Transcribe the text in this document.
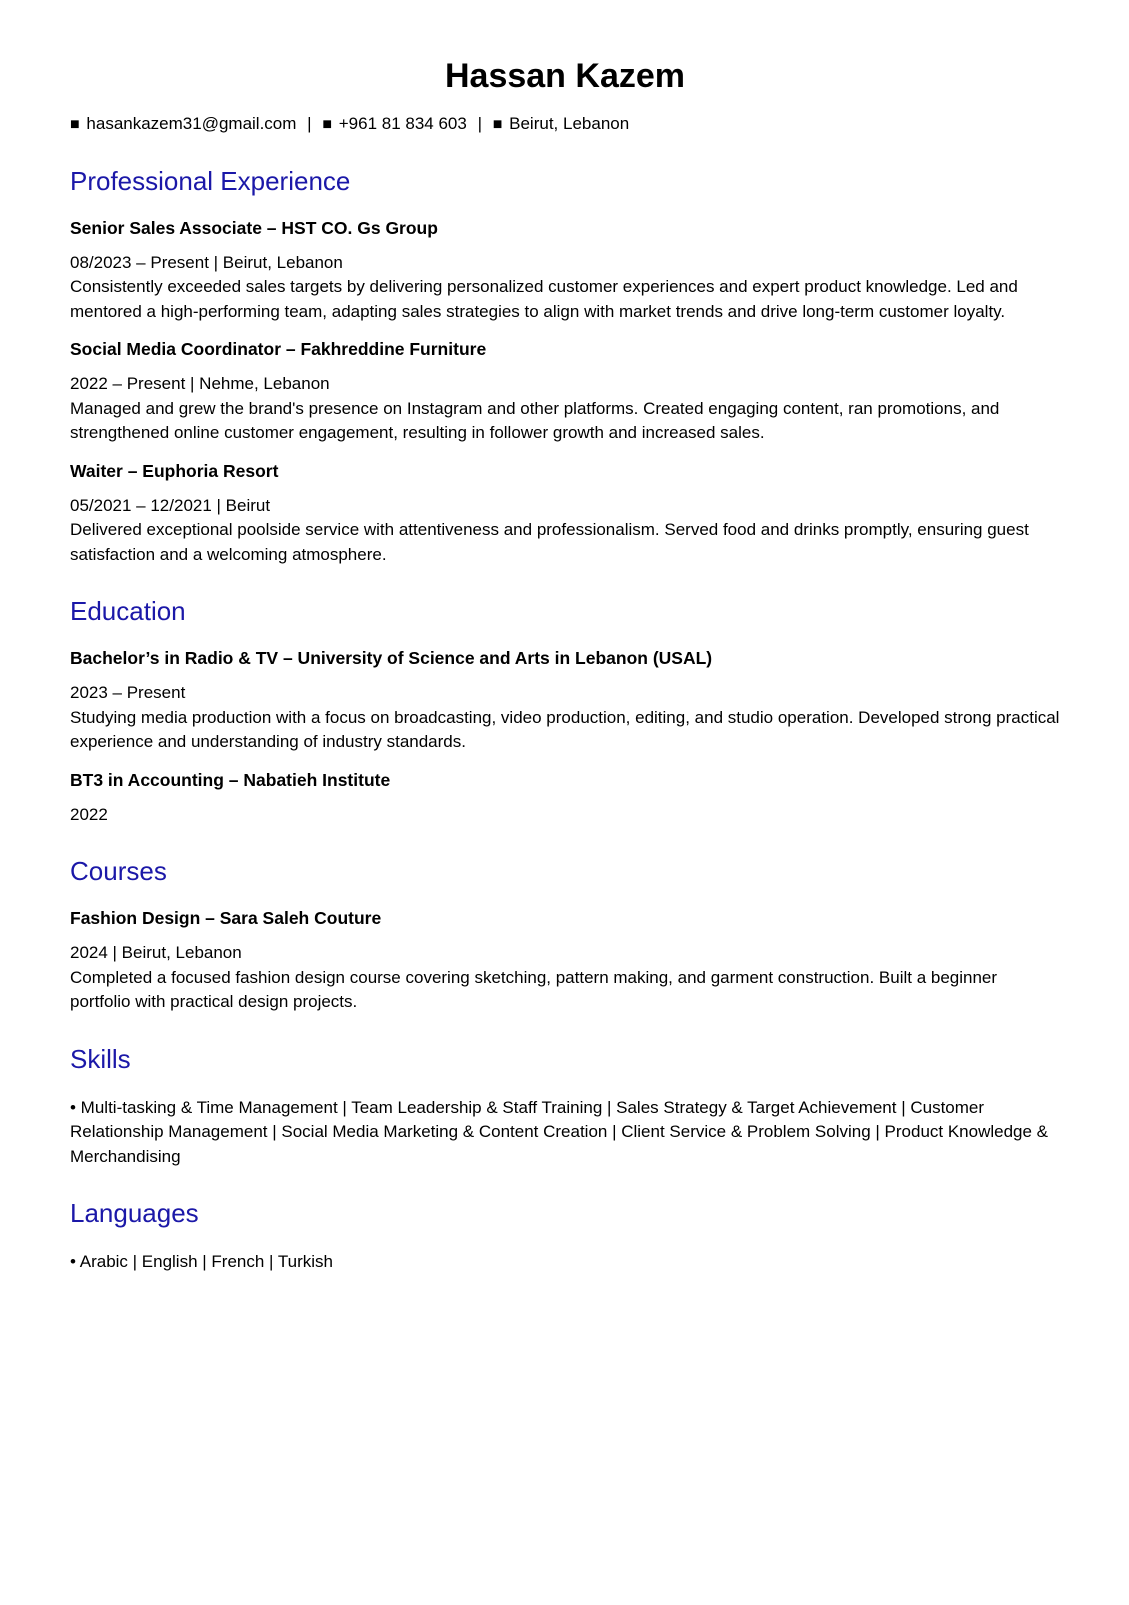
Hassan Kazem
■ hasankazem31@gmail.com | ■ +961 81 834 603 | ■ Beirut, Lebanon
Professional Experience
Senior Sales Associate – HST CO. Gs Group

08/2023 – Present | Beirut, Lebanon
Consistently exceeded sales targets by delivering personalized customer experiences and expert product knowledge. Led and mentored a high-performing team, adapting sales strategies to align with market trends and drive long-term customer loyalty.

Social Media Coordinator – Fakhreddine Furniture

2022 – Present | Nehme, Lebanon
Managed and grew the brand's presence on Instagram and other platforms. Created engaging content, ran promotions, and strengthened online customer engagement, resulting in follower growth and increased sales.

Waiter – Euphoria Resort

05/2021 – 12/2021 | Beirut
Delivered exceptional poolside service with attentiveness and professionalism. Served food and drinks promptly, ensuring guest satisfaction and a welcoming atmosphere.

Education
Bachelor’s in Radio & TV – University of Science and Arts in Lebanon (USAL)

2023 – Present
Studying media production with a focus on broadcasting, video production, editing, and studio operation. Developed strong practical experience and understanding of industry standards.

BT3 in Accounting – Nabatieh Institute

2022

Courses
Fashion Design – Sara Saleh Couture

2024 | Beirut, Lebanon
Completed a focused fashion design course covering sketching, pattern making, and garment construction. Built a beginner portfolio with practical design projects.

Skills

• Multi-tasking & Time Management | Team Leadership & Staff Training | Sales Strategy & Target Achievement | Customer Relationship Management | Social Media Marketing & Content Creation | Client Service & Problem Solving | Product Knowledge & Merchandising

Languages

• Arabic | English | French | Turkish
